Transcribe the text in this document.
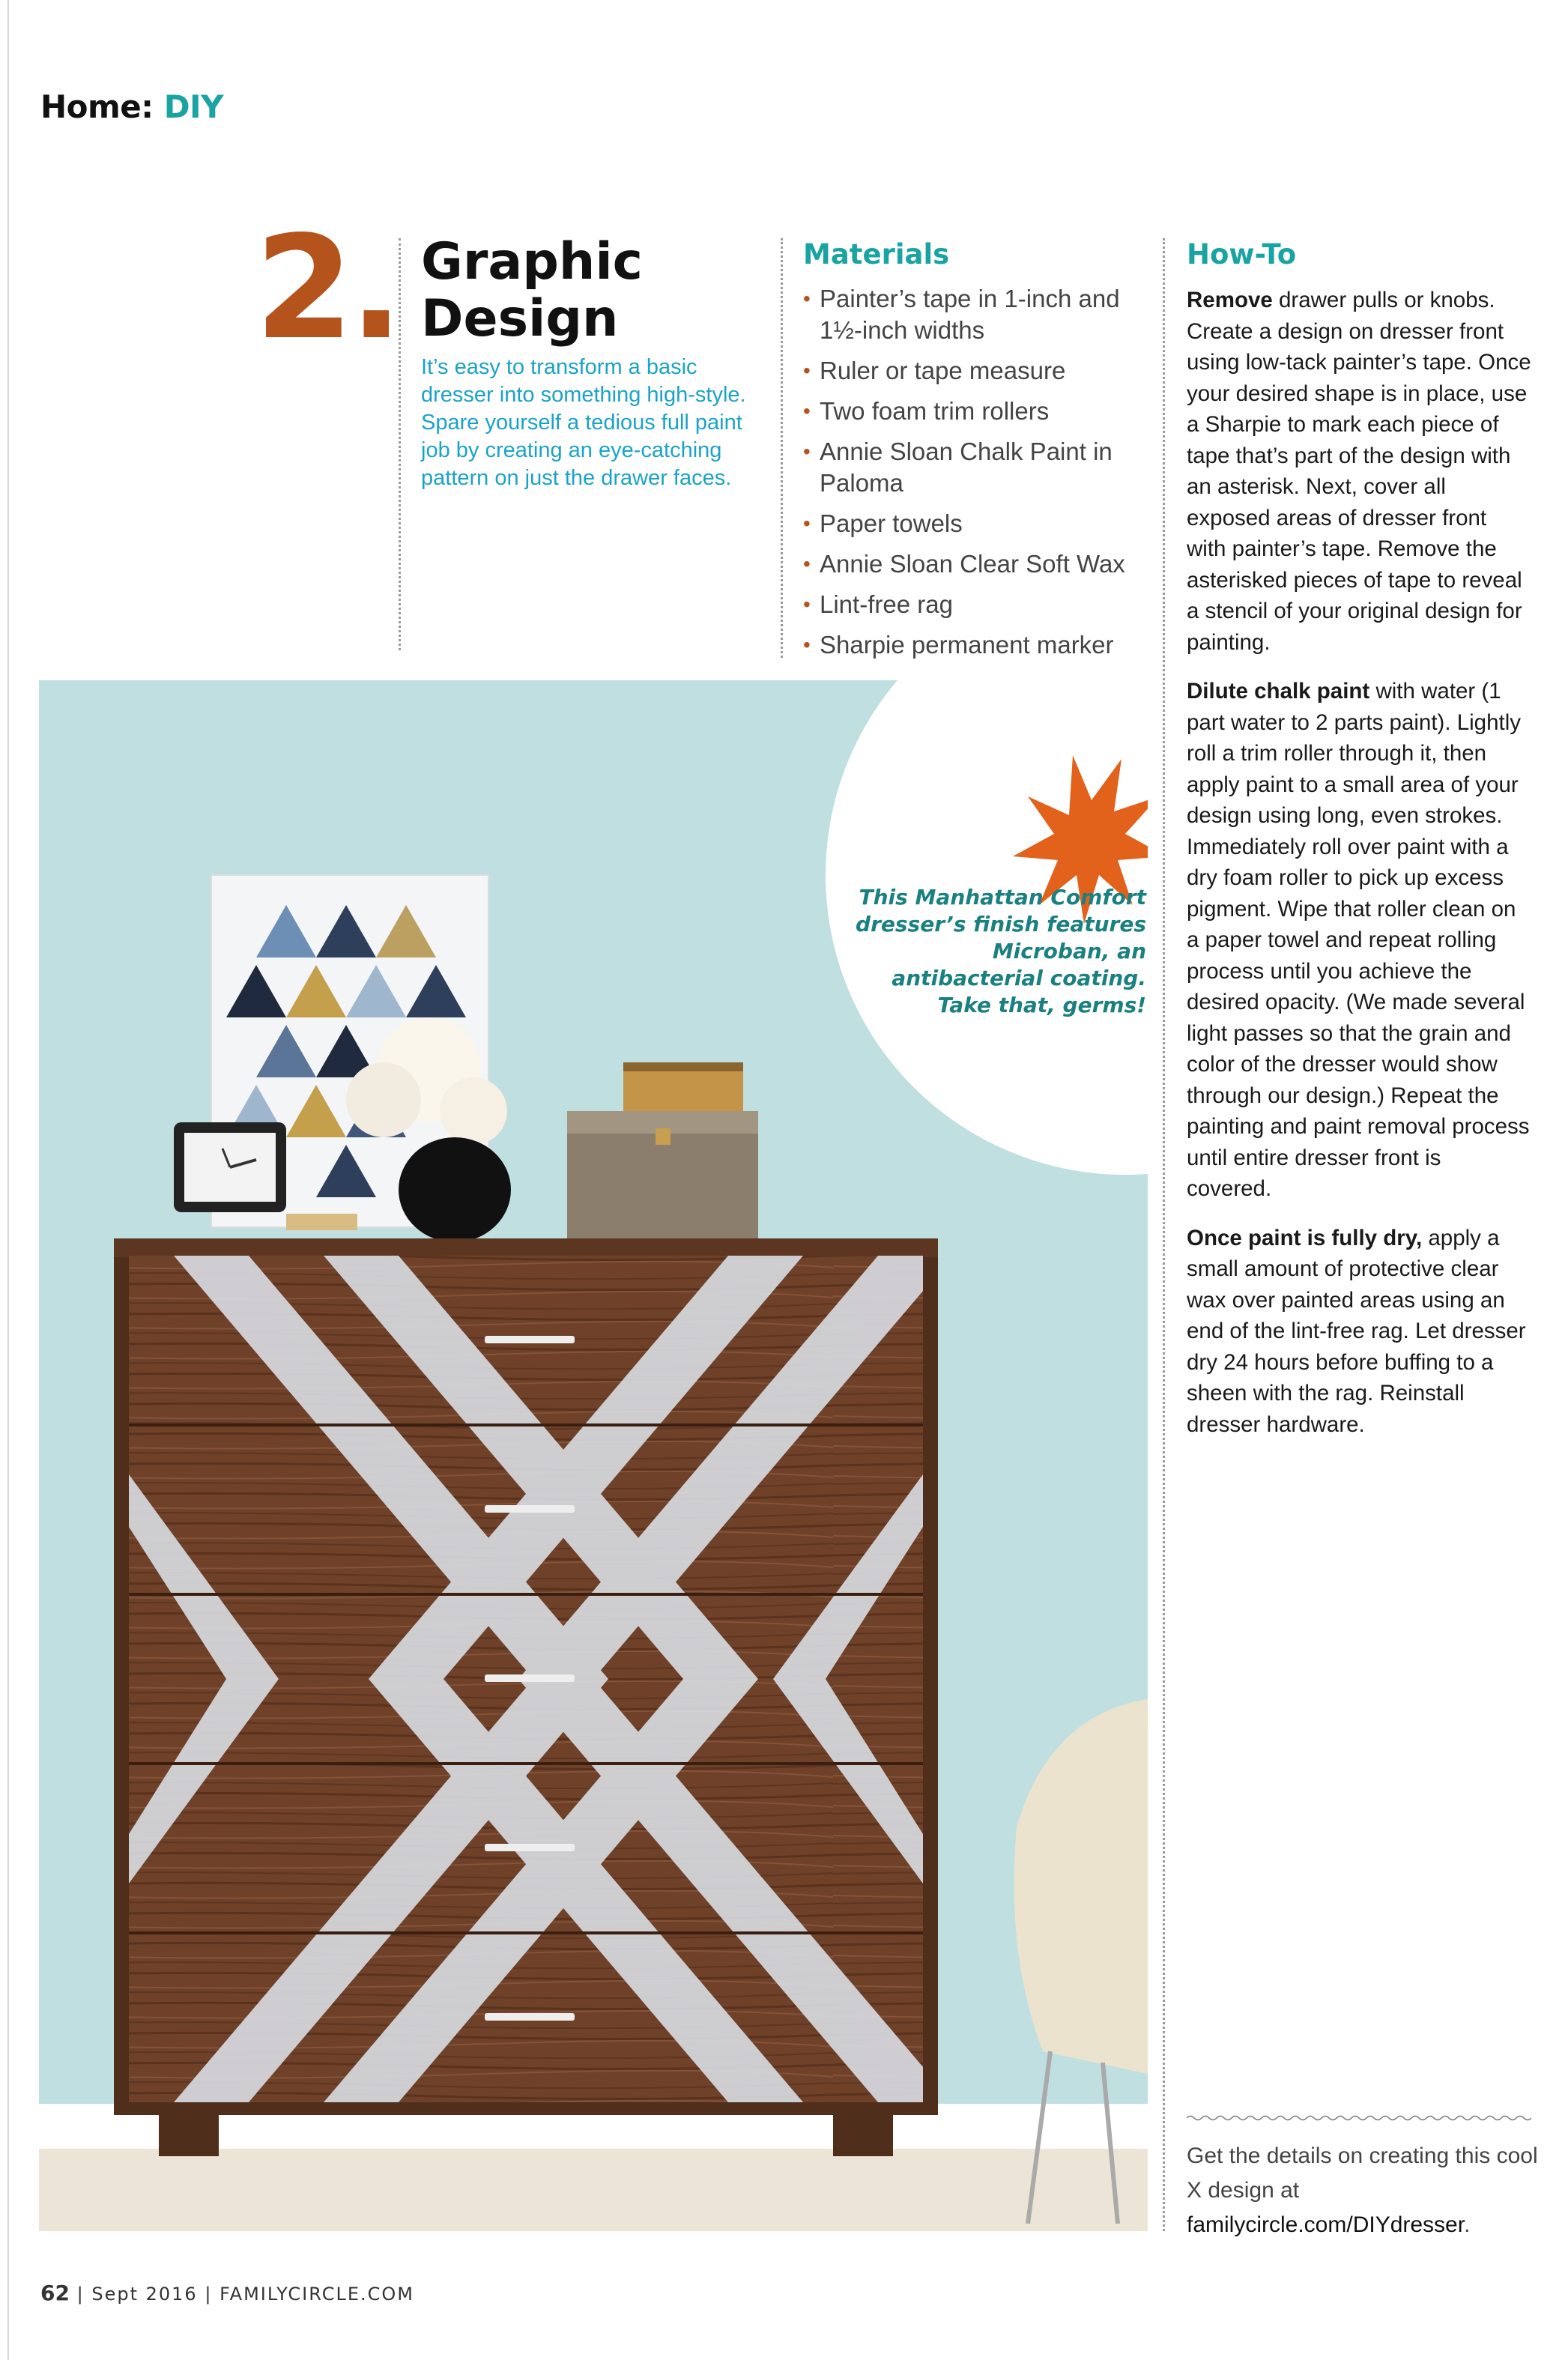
Home: DIY
2. Graphic
Design
It’s easy to transform a basic dresser into something high-style. Spare yourself a tedious full paint job by creating an eye-catching pattern on just the drawer faces.
Materials
• Painter’s tape in 1-inch and 1½-inch widths
• Ruler or tape measure
• Two foam trim rollers
• Annie Sloan Chalk Paint in Paloma
• Paper towels
• Annie Sloan Clear Soft Wax
• Lint-free rag
• Sharpie permanent marker
How-To

Remove drawer pulls or knobs. Create a design on dresser front using low-tack painter’s tape. Once your desired shape is in place, use a Sharpie to mark each piece of tape that’s part of the design with an asterisk. Next, cover all exposed areas of dresser front with painter’s tape. Remove the asterisked pieces of tape to reveal a stencil of your original design for painting.

Dilute chalk paint with water (1 part water to 2 parts paint). Lightly roll a trim roller through it, then apply paint to a small area of your design using long, even strokes. Immediately roll over paint with a dry foam roller to pick up excess pigment. Wipe that roller clean on a paper towel and repeat rolling process until you achieve the desired opacity. (We made several light passes so that the grain and color of the dresser would show through our design.) Repeat the painting and paint removal process until entire dresser front is covered.

Once paint is fully dry, apply a small amount of protective clear wax over painted areas using an end of the lint-free rag. Let dresser dry 24 hours before buffing to a sheen with the rag. Reinstall dresser hardware.

Get the details on creating this cool X design at
familycircle.com/DIYdresser.
This Manhattan Comfort dresser’s finish features Microban, an antibacterial coating. Take that, germs!
62 | Sept 2016 | FAMILYCIRCLE.COM
